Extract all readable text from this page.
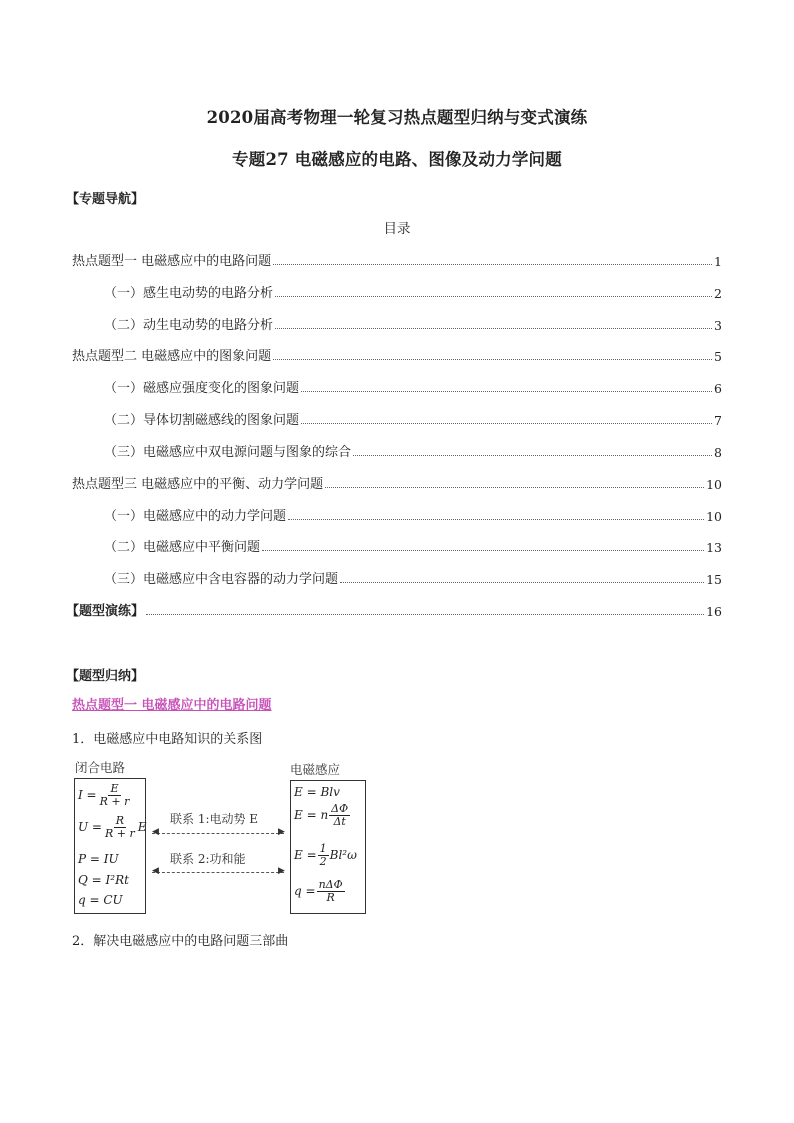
2020届高考物理一轮复习热点题型归纳与变式演练
专题27 电磁感应的电路、图像及动力学问题
【专题导航】
目录
热点题型一 电磁感应中的电路问题	1
（一）感生电动势的电路分析	2
（二）动生电动势的电路分析	3
热点题型二 电磁感应中的图象问题	5
（一）磁感应强度变化的图象问题	6
（二）导体切割磁感线的图象问题	7
（三）电磁感应中双电源问题与图象的综合	8
热点题型三 电磁感应中的平衡、动力学问题	10
（一）电磁感应中的动力学问题	10
（二）电磁感应中平衡问题	13
（三）电磁感应中含电容器的动力学问题	15
【题型演练】	16
【题型归纳】
热点题型一 电磁感应中的电路问题
1．电磁感应中电路知识的关系图
闭合电路	电磁感应
$I = \frac{E}{R + r}$
$U = \frac{R}{R + r}$ E
P = IU
Q = I²Rt
q = CU
联系 1:电动势 E
◀	▶
联系 2:功和能
◀	▶
E = Blv
E = n $\frac{\Delta\Phi}{\Delta t}$
$E = \frac{1}{2} Bl^2\omega$
$q = \frac{\text{nΔΦ}}{R}$
2．解决电磁感应中的电路问题三部曲
